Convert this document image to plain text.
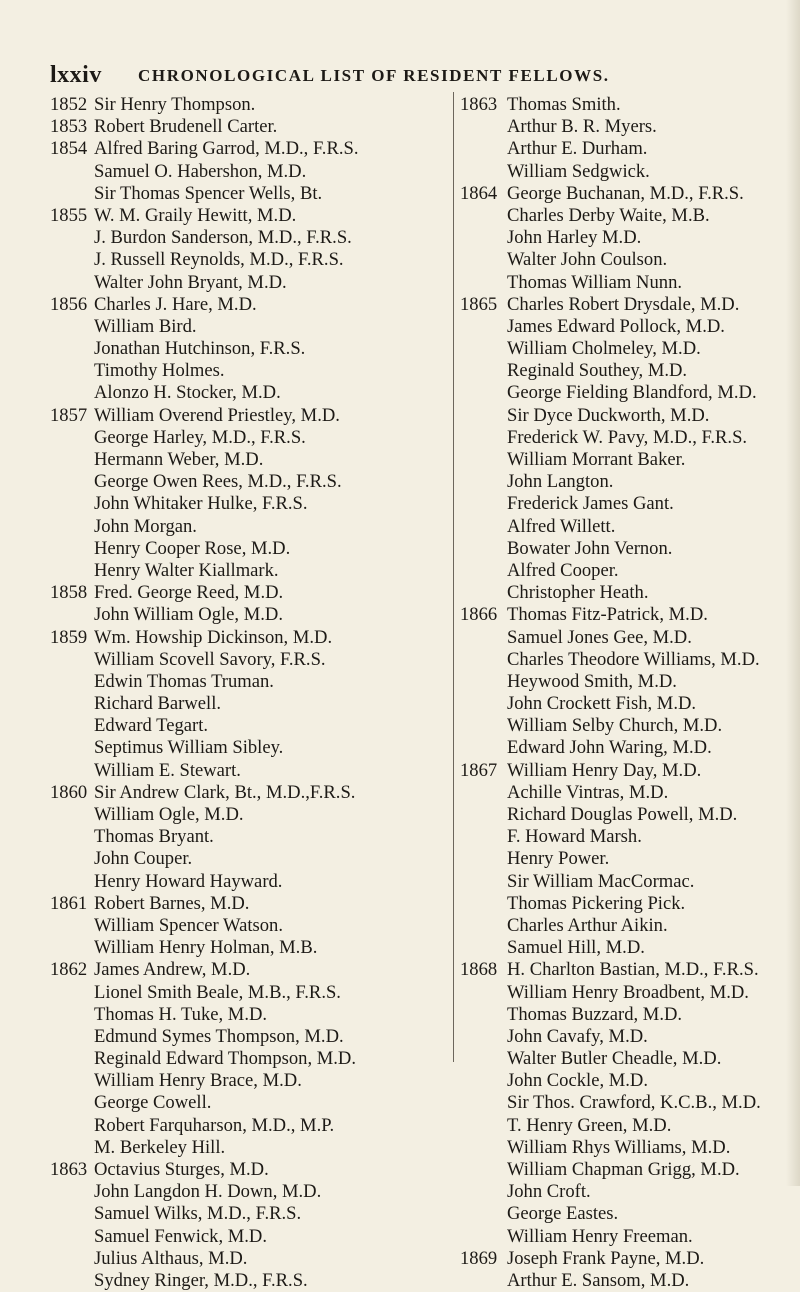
lxxiv CHRONOLOGICAL LIST OF RESIDENT FELLOWS.
1852 Sir Henry Thompson.
1853 Robert Brudenell Carter.
1854 Alfred Baring Garrod, M.D., F.R.S.
Samuel O. Habershon, M.D.
Sir Thomas Spencer Wells, Bt.
1855 W. M. Graily Hewitt, M.D.
J. Burdon Sanderson, M.D., F.R.S.
J. Russell Reynolds, M.D., F.R.S.
Walter John Bryant, M.D.
1856 Charles J. Hare, M.D.
William Bird.
Jonathan Hutchinson, F.R.S.
Timothy Holmes.
Alonzo H. Stocker, M.D.
1857 William Overend Priestley, M.D.
George Harley, M.D., F.R.S.
Hermann Weber, M.D.
George Owen Rees, M.D., F.R.S.
John Whitaker Hulke, F.R.S.
John Morgan.
Henry Cooper Rose, M.D.
Henry Walter Kiallmark.
1858 Fred. George Reed, M.D.
John William Ogle, M.D.
1859 Wm. Howship Dickinson, M.D.
William Scovell Savory, F.R.S.
Edwin Thomas Truman.
Richard Barwell.
Edward Tegart.
Septimus William Sibley.
William E. Stewart.
1860 Sir Andrew Clark, Bt., M.D.,F.R.S.
William Ogle, M.D.
Thomas Bryant.
John Couper.
Henry Howard Hayward.
1861 Robert Barnes, M.D.
William Spencer Watson.
William Henry Holman, M.B.
1862 James Andrew, M.D.
Lionel Smith Beale, M.B., F.R.S.
Thomas H. Tuke, M.D.
Edmund Symes Thompson, M.D.
Reginald Edward Thompson, M.D.
William Henry Brace, M.D.
George Cowell.
Robert Farquharson, M.D., M.P.
M. Berkeley Hill.
1863 Octavius Sturges, M.D.
John Langdon H. Down, M.D.
Samuel Wilks, M.D., F.R.S.
Samuel Fenwick, M.D.
Julius Althaus, M.D.
Sydney Ringer, M.D., F.R.S.
1863 Thomas Smith.
Arthur B. R. Myers.
Arthur E. Durham.
William Sedgwick.
1864 George Buchanan, M.D., F.R.S.
Charles Derby Waite, M.B.
John Harley M.D.
Walter John Coulson.
Thomas William Nunn.
1865 Charles Robert Drysdale, M.D.
James Edward Pollock, M.D.
William Cholmeley, M.D.
Reginald Southey, M.D.
George Fielding Blandford, M.D.
Sir Dyce Duckworth, M.D.
Frederick W. Pavy, M.D., F.R.S.
William Morrant Baker.
John Langton.
Frederick James Gant.
Alfred Willett.
Bowater John Vernon.
Alfred Cooper.
Christopher Heath.
1866 Thomas Fitz-Patrick, M.D.
Samuel Jones Gee, M.D.
Charles Theodore Williams, M.D.
Heywood Smith, M.D.
John Crockett Fish, M.D.
William Selby Church, M.D.
Edward John Waring, M.D.
1867 William Henry Day, M.D.
Achille Vintras, M.D.
Richard Douglas Powell, M.D.
F. Howard Marsh.
Henry Power.
Sir William MacCormac.
Thomas Pickering Pick.
Charles Arthur Aikin.
Samuel Hill, M.D.
1868 H. Charlton Bastian, M.D., F.R.S.
William Henry Broadbent, M.D.
Thomas Buzzard, M.D.
John Cavafy, M.D.
Walter Butler Cheadle, M.D.
John Cockle, M.D.
Sir Thos. Crawford, K.C.B., M.D.
T. Henry Green, M.D.
William Rhys Williams, M.D.
William Chapman Grigg, M.D.
John Croft.
George Eastes.
William Henry Freeman.
1869 Joseph Frank Payne, M.D.
Arthur E. Sansom, M.D.
